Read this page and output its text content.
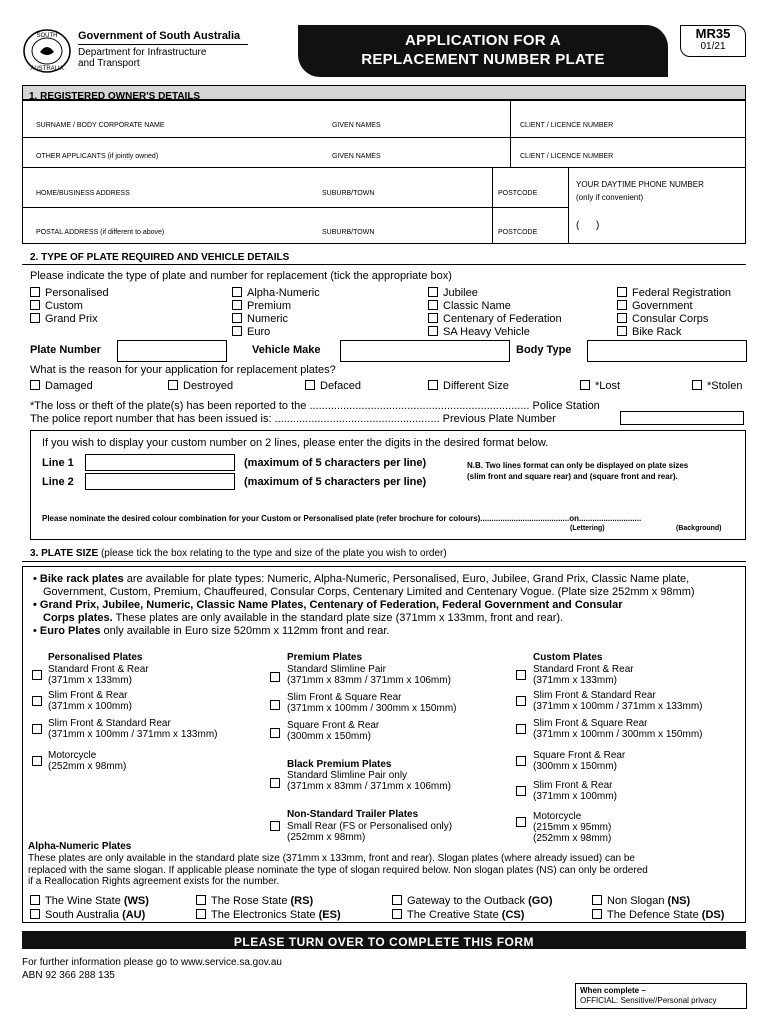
SOUTH
AUSTRALIA
Government of South Australia
Department for Infrastructure
and Transport
APPLICATION FOR A
REPLACEMENT NUMBER PLATE
MR35
01/21
1. REGISTERED OWNER'S DETAILS
SURNAME / BODY CORPORATE NAME	GIVEN NAMES	CLIENT / LICENCE NUMBER
OTHER APPLICANTS (if jointly owned)	GIVEN NAMES	CLIENT / LICENCE NUMBER
HOME/BUSINESS ADDRESS	SUBURB/TOWN	POSTCODE
YOUR DAYTIME PHONE NUMBER
(only if convenient)
(      )
POSTAL ADDRESS (if different to above)	SUBURB/TOWN	POSTCODE
2. TYPE OF PLATE REQUIRED AND VEHICLE DETAILS
Please indicate the type of plate and number for replacement (tick the appropriate box)
Personalised
Custom
Grand Prix
Alpha-Numeric
Premium
Numeric
Euro
Jubilee
Classic Name
Centenary of Federation
SA Heavy Vehicle
Federal Registration
Government
Consular Corps
Bike Rack
Plate Number	Vehicle Make	Body Type
What is the reason for your application for replacement plates?
Damaged	Destroyed	Defaced	Different Size	*Lost	*Stolen
*The loss or theft of the plate(s) has been reported to the ........................................................................ Police Station
The police report number that has been issued is: ...................................................... Previous Plate Number
If you wish to display your custom number on 2 lines, please enter the digits in the desired format below.
Line 1	(maximum of 5 characters per line)
Line 2	(maximum of 5 characters per line)
N.B. Two lines format can only be displayed on plate sizes
(slim front and square rear) and (square front and rear).
Please nominate the desired colour combination for your Custom or Personalised plate (refer brochure for colours)........................................on............................
(Lettering)	(Background)
3. PLATE SIZE (please tick the box relating to the type and size of the plate you wish to order)
• Bike rack plates are available for plate types: Numeric, Alpha-Numeric, Personalised, Euro, Jubilee, Grand Prix, Classic Name plate,
Government, Custom, Premium, Chauffeured, Consular Corps, Centenary Limited and Centenary Vogue. (Plate size 252mm x 98mm)
• Grand Prix, Jubilee, Numeric, Classic Name Plates, Centenary of Federation, Federal Government and Consular
Corps plates. These plates are only available in the standard plate size (371mm x 133mm, front and rear).
• Euro Plates only available in Euro size 520mm x 112mm front and rear.
Personalised Plates
Standard Front & Rear
(371mm x 133mm)
Slim Front & Rear
(371mm x 100mm)
Slim Front & Standard Rear
(371mm x 100mm / 371mm x 133mm)
Motorcycle
(252mm x 98mm)
Premium Plates
Standard Slimline Pair
(371mm x 83mm / 371mm x 106mm)
Slim Front & Square Rear
(371mm x 100mm / 300mm x 150mm)
Square Front & Rear
(300mm x 150mm)
Black Premium Plates
Standard Slimline Pair only
(371mm x 83mm / 371mm x 106mm)
Non-Standard Trailer Plates
Small Rear (FS or Personalised only)
(252mm x 98mm)
Custom Plates
Standard Front & Rear
(371mm x 133mm)
Slim Front & Standard Rear
(371mm x 100mm / 371mm x 133mm)
Slim Front & Square Rear
(371mm x 100mm / 300mm x 150mm)
Square Front & Rear
(300mm x 150mm)
Slim Front & Rear
(371mm x 100mm)
Motorcycle
(215mm x 95mm)
(252mm x 98mm)
Alpha-Numeric Plates
These plates are only available in the standard plate size (371mm x 133mm, front and rear). Slogan plates (where already issued) can be
replaced with the same slogan. If applicable please nominate the type of slogan required below. Non slogan plates (NS) can only be ordered
if a Reallocation Rights agreement exists for the number.
The Wine State (WS)
South Australia (AU)
The Rose State (RS)
The Electronics State (ES)
Gateway to the Outback (GO)
The Creative State (CS)
Non Slogan (NS)
The Defence State (DS)
PLEASE TURN OVER TO COMPLETE THIS FORM
For further information please go to www.service.sa.gov.au
ABN 92 366 288 135
When complete –
OFFICIAL: Sensitive//Personal privacy
